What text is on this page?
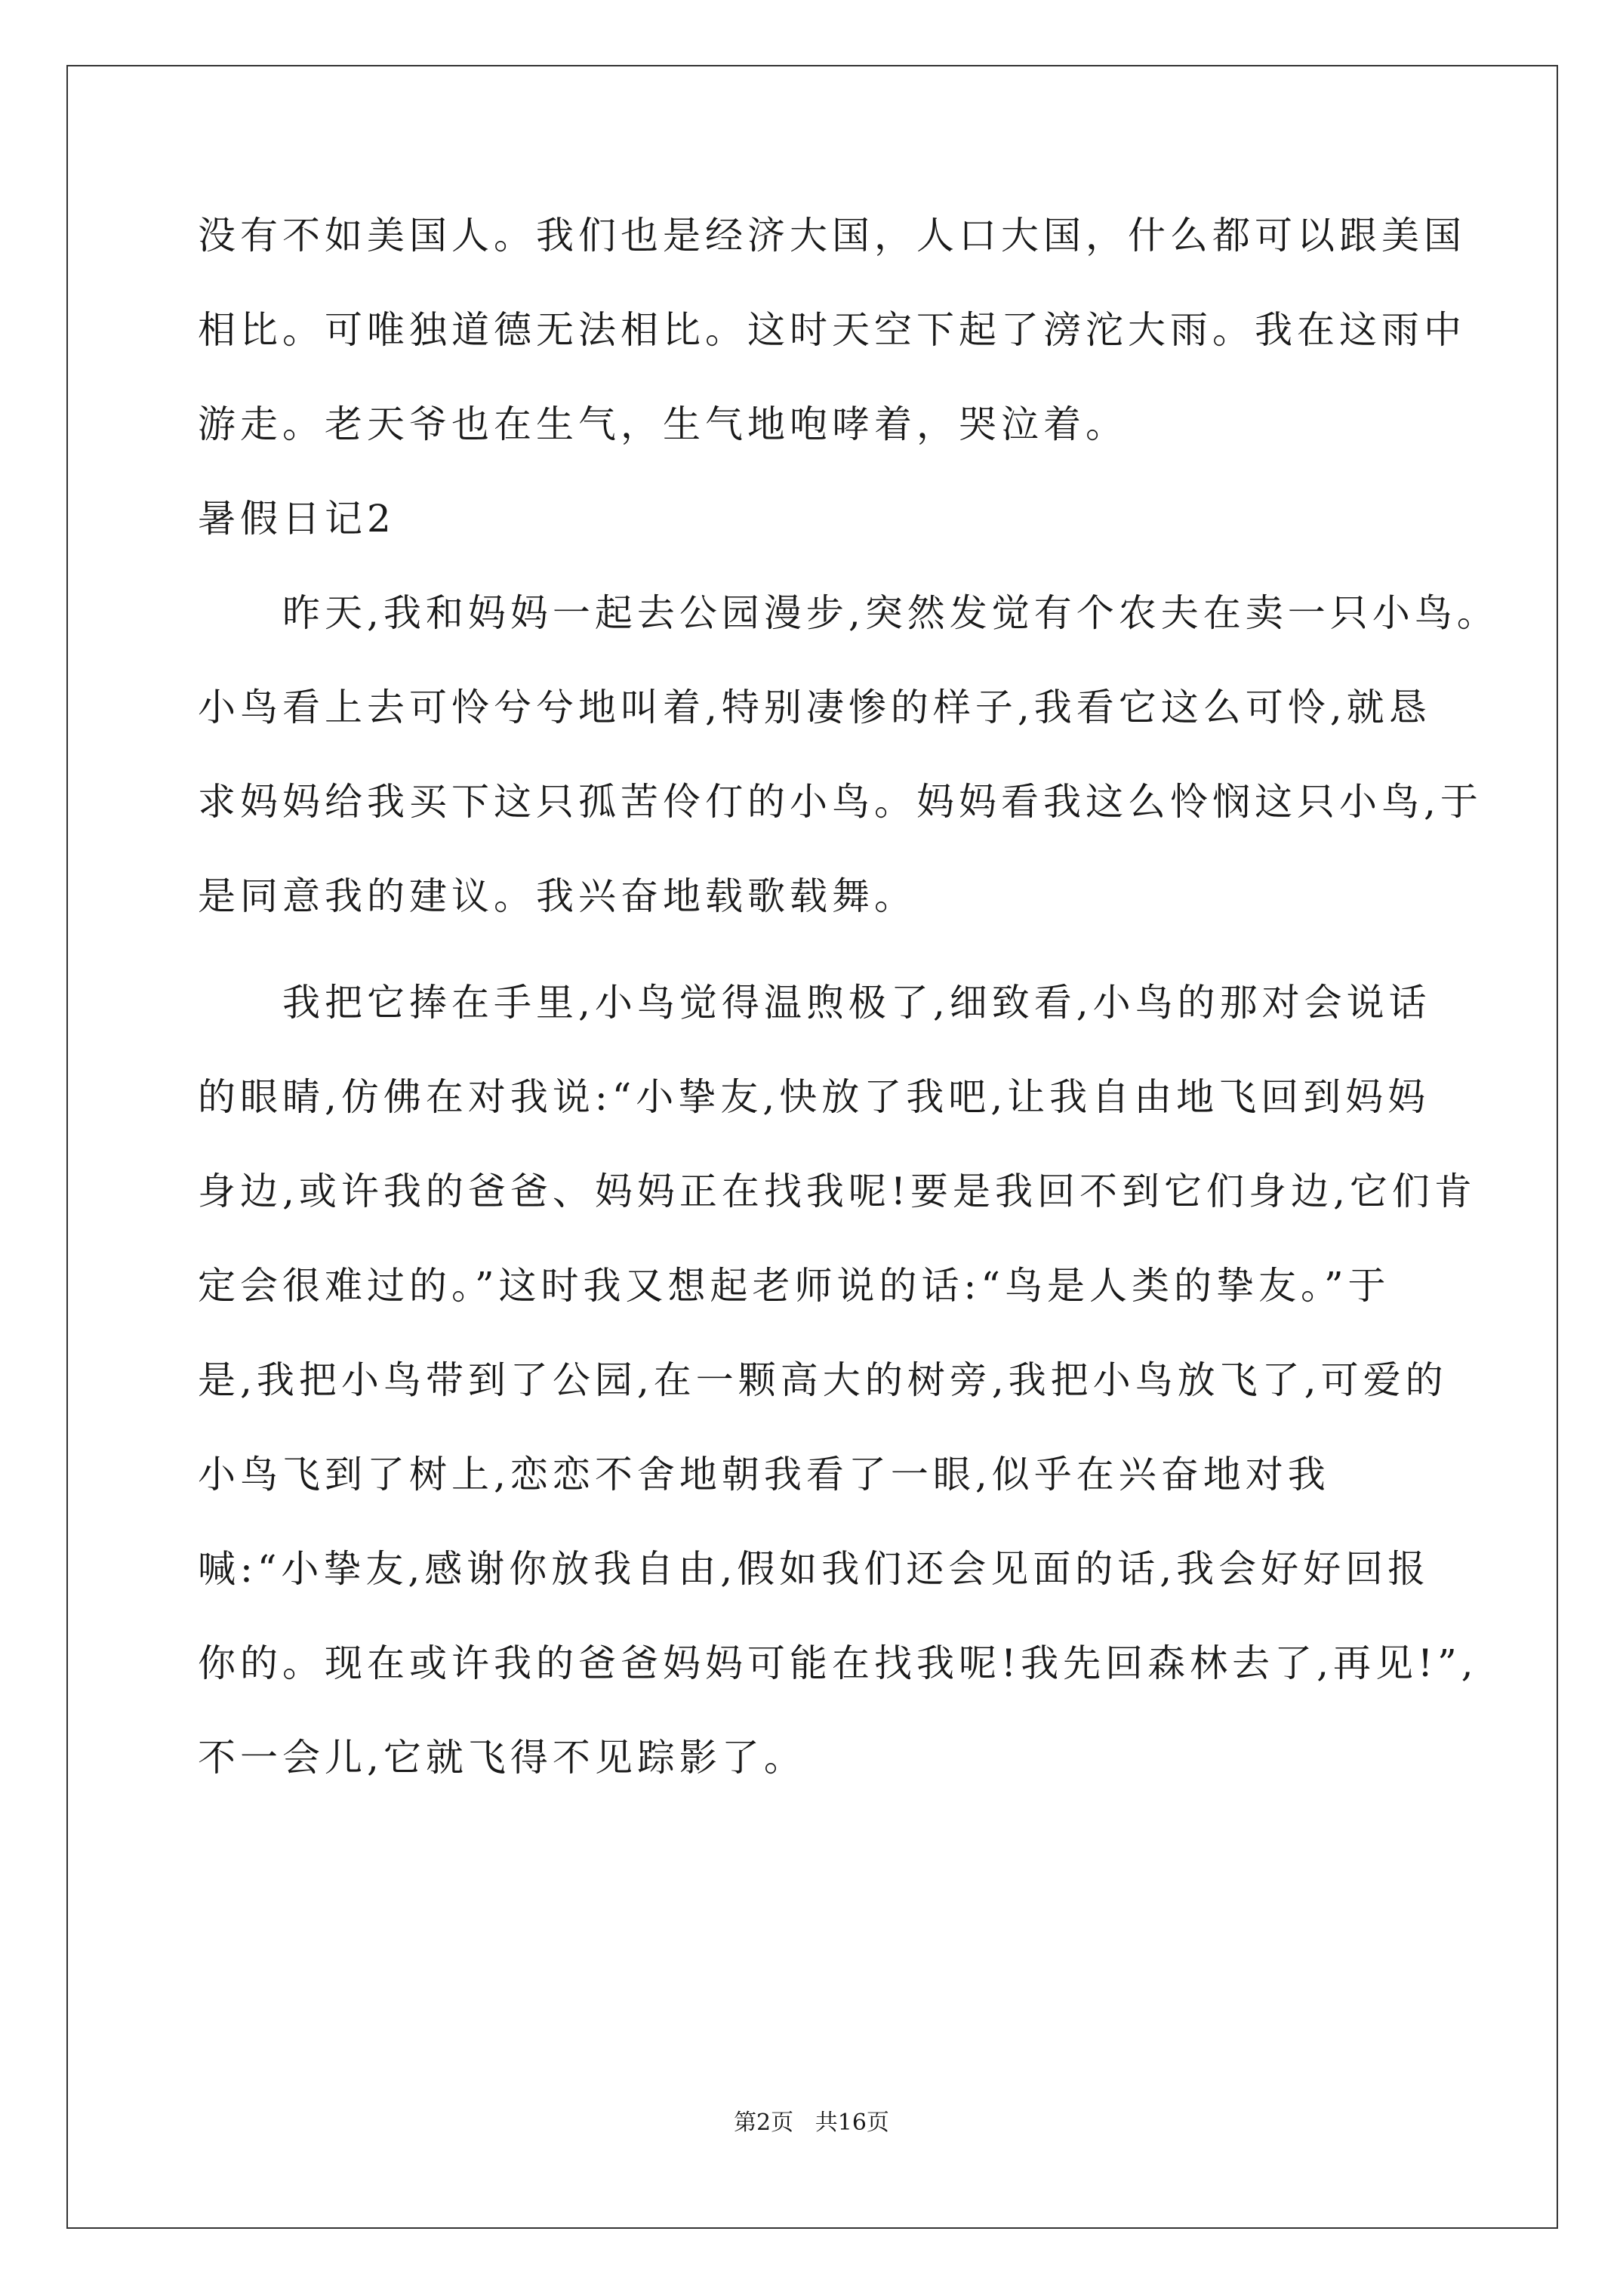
没有不如美国人。我们也是经济大国，人口大国，什么都可以跟美国
相比。可唯独道德无法相比。这时天空下起了滂沱大雨。我在这雨中
游走。老天爷也在生气，生气地咆哮着，哭泣着。
暑假日记2
昨天,我和妈妈一起去公园漫步,突然发觉有个农夫在卖一只小鸟。
小鸟看上去可怜兮兮地叫着,特别凄惨的样子,我看它这么可怜,就恳
求妈妈给我买下这只孤苦伶仃的小鸟。妈妈看我这么怜悯这只小鸟,于
是同意我的建议。我兴奋地载歌载舞。
我把它捧在手里,小鸟觉得温煦极了,细致看,小鸟的那对会说话
的眼睛,仿佛在对我说:“小挚友,快放了我吧,让我自由地飞回到妈妈
身边,或许我的爸爸、妈妈正在找我呢!要是我回不到它们身边,它们肯
定会很难过的。”这时我又想起老师说的话:“鸟是人类的挚友。”于
是,我把小鸟带到了公园,在一颗高大的树旁,我把小鸟放飞了,可爱的
小鸟飞到了树上,恋恋不舍地朝我看了一眼,似乎在兴奋地对我
喊:“小挚友,感谢你放我自由,假如我们还会见面的话,我会好好回报
你的。现在或许我的爸爸妈妈可能在找我呢!我先回森林去了,再见!”,
不一会儿,它就飞得不见踪影了。
第2页   共16页
